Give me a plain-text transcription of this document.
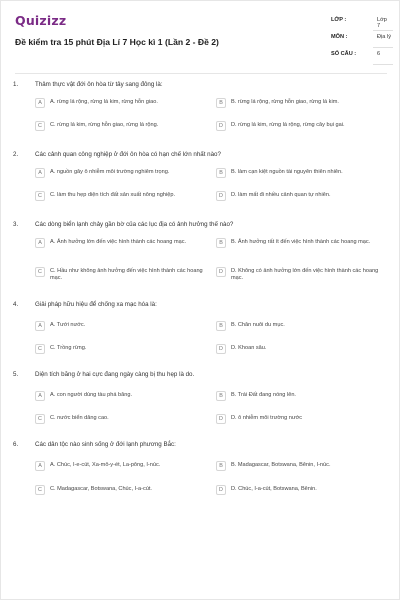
Quizizz
Đề kiểm tra 15 phút Địa Lí 7 Học kì 1 (Lần 2 - Đề 2)
LỚP :	Lớp 7
MÔN :	Địa lý
SỐ CÂU :	6
1.	Thảm thực vật đới ôn hòa từ tây sang đông là:
A	A. rừng lá rộng, rừng lá kim, rừng hỗn giao.	B	B. rừng lá rộng, rừng hỗn giao, rừng lá kim.
C	C. rừng lá kim, rừng hỗn giao, rừng lá rộng.	D	D. rừng lá kim, rừng lá rộng, rừng cây bụi gai.
2.	Các cảnh quan công nghiệp ở đới ôn hòa có hạn chế lớn nhất nào?
A	A. nguồn gây ô nhiễm môi trường nghiêm trọng.	B	B. làm cạn kiệt nguồn tài nguyên thiên nhiên.
C	C. làm thu hẹp diện tích đất sản xuất nông nghiệp.	D	D. làm mất đi nhiều cảnh quan tự nhiên.
3.	Các dòng biển lạnh chảy gần bờ của các lục địa có ảnh hưởng thế nào?
A	A. Ảnh hưởng lớn đến việc hình thành các hoang mạc.	B	B. Ảnh hưởng rất ít đến việc hình thành các hoang mạc.
C	C. Hầu như không ảnh hưởng đến việc hình thành các hoang mạc.
D	D. Không có ảnh hưởng lớn đến việc hình thành các hoang mạc.
4.	Giải pháp hữu hiệu để chống xa mạc hóa là:
A	A. Tưới nước.	B	B. Chăn nuôi du mục.
C	C. Trồng rừng.	D	D. Khoan sâu.
5.	Diện tích băng ở hai cực đang ngày càng bị thu hẹp là do.
A	A. con người dùng tàu phá băng.	B	B. Trái Đất đang nóng lên.
C	C. nước biển dâng cao.	D	D. ô nhiễm môi trường nước
6.	Các dân tộc nào sinh sống ở đới lạnh phương Bắc:
A	A. Chúc, I-e-cút, Xa-mô-y-ét, La-pông, I-núc.	B	B. Madagascar, Botswana, Bênin, I-núc.
C	C. Madagascar, Botswana, Chúc, I-a-cút.	D	D. Chúc, I-a-cút, Botswana, Bênin.
